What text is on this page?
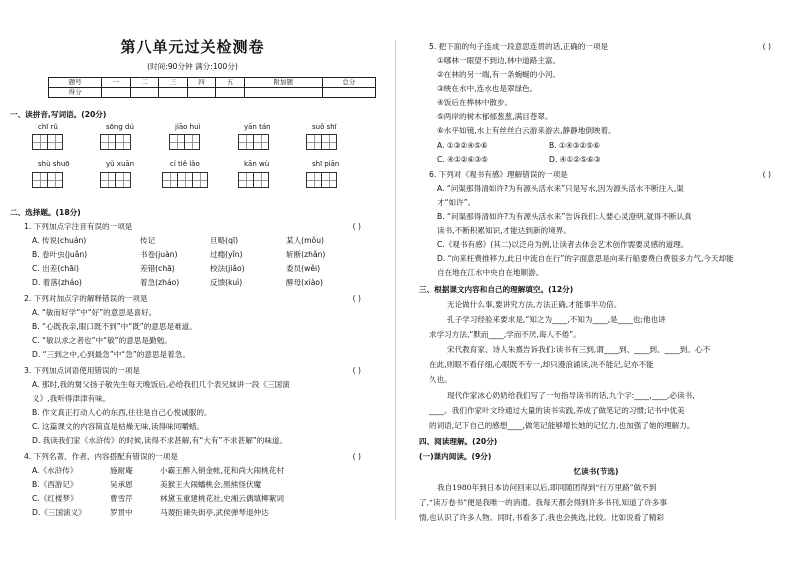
第八单元过关检测卷
(时间:90分钟 满分:100分)
题号	一	二	三	四	五	附加题	总分
得分							
一、读拼音,写词语。(20分)
chī rǔ	sōng dú	jiāo huì	yān tán	suǒ shī
shù shuō	yǔ xuān	cí tiě lǎo	kān wù	shī piān
二、选择题。(18分)
1. 下列加点字注音有误的一项是	( )
A. 传说(chuán)	传记	旦略(qī)	某人(mǒu)
B. 卷叶虫(juǎn)	书卷(juàn)	过瘾(yǐn)	斩断(zhǎn)
C. 出差(chāi)	差错(chā)	校法(jiǎo)	委员(wěi)
D. 着落(zháo)	着急(zháo)	反馈(kuì)	酵母(xiào)
2. 下列对加点字的解释错误的一项是	( )
A. “敏而好学”中“好”的意思是喜好。
B. “心既我亲,眼口既不到”中“既”的意思是难道。
C. “敏以求之者也”中“敏”的意思是勤勉。
D. “三到之中,心到最急”中“急”的意思是着急。
3. 下列加点词语使用错误的一项是	( )
A. 那时,我的舅父扬子敬先生每天晚饭后,必给我们几个表兄妹讲一段《三国演
义》,我听得津津有味。
B. 作文真正打动人心的东西,往往是自己心悦诚服的。
C. 这篇课文的内容简直是枯燥无味,读得味同嚼蜡。
D. 我读我们家《水浒传》的时候,读得不求甚解,有“大有”不求甚解”的味道。
4. 下列名著、作者、内容搭配有错误的一项是	( )
A.《水浒传》	施耐庵	小霸王醉入销金帐,花和尚大闹桃花村
B.《西游记》	吴承恩	美猴王大闹蟠桃会,黑熊怪伏魔
C.《红楼梦》	曹雪芹	林黛玉重建桃花社,史湘云偶填柳絮词
D.《三国演义》	罗贯中	马谡拒谏失街亭,武侯弹琴退仲达
5. 把下面的句子连成一段意思连贯的话,正确的一项是	( )
①哪林一眼望不到边,林中道路主富。
②在林的另一端,有一条蜿蜒的小河。
③映在水中,连水也是翠绿色。
④饭后在桦林中散步。
⑤两岸的树木郁郁葱葱,满目苍翠。
⑥水平如镜,水上有丝丝白云游来游去,静静地倒映着。
A. ①③②④⑤⑥	B. ①④③②⑤⑥
C. ④①②⑥③⑤	D. ④①②⑤⑥③
6. 下列对《观书有感》理解错误的一项是	( )
A. “问渠那得清如许?为有源头活水来”只是写水,因为源头活水不断注入,渠
才“如许”。
B. “问渠那得清如许?为有源头活水来”告诉我们:人要心灵澄明,就得不断认真
读书,不断积累知识,才能达到新的境界。
C.《观书有感》(其二)以泛舟为例,让读者去体会艺术创作需要灵感的道理。
D. “向来枉费推移力,此日中流自在行”的字面意思是向来行船要费白费很多力气,今天却能
自在地在江水中央自在地顺游。
三、根据课文内容和自己的理解填空。(12分)
无论做什么事,要讲究方法,方法正确,才能事半功倍。
孔子学习经验来要求是,“知之为____,不知为____,是____也;他也讲
求学习方法,“默而____,学而不厌,诲人不倦”。
宋代教育家、诗人朱熹告诉我们:读书有三到,谓____到、____到、____到。心不
在此,则眼不看仔细,心眼既不专一,却只漫浪诵读,决不能记,记亦不能
久也。
现代作家冰心奶奶给我们写了一句指导读书的话,九个字:____,____,必读书,
____。我们作家叶文玲通过大量的读书实践,养成了做笔记的习惯;记书中优美
的词语,记下自己的感想____,做笔记能够增长她的记忆力,也加强了她的理解力。
四、阅读理解。(20分)
(一)课内阅读。(9分)
忆读书(节选)
我自1980年到日本访问回来以后,即同随团得到“行万里路”做不到
了,“读万卷书”便是我唯一的消遣。我每天都会得到许多书刊,知道了许多事
情,也认识了许多人物。同时,书看多了,我也会挑选,比较。比如说看了精彩
